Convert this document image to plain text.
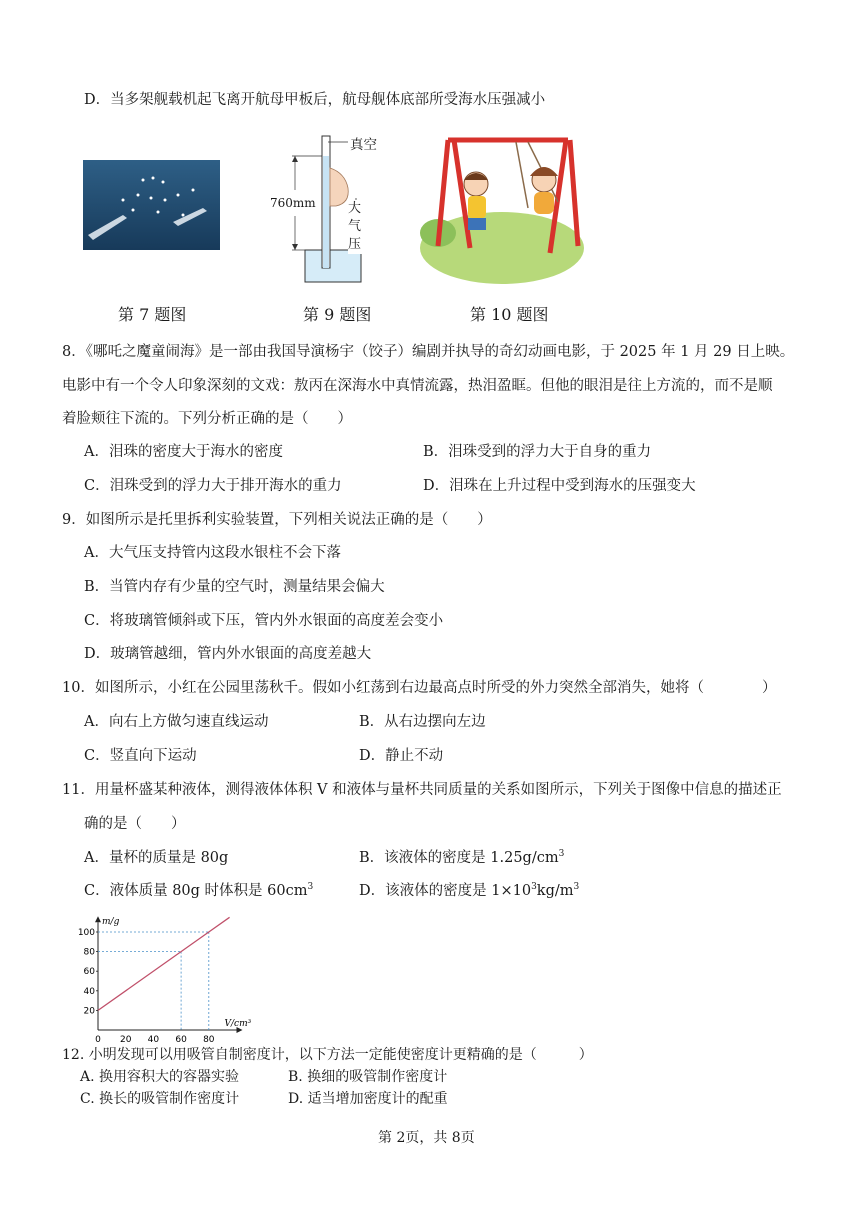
D．当多架舰载机起飞离开航母甲板后，航母舰体底部所受海水压强减小
真空
760mm 大气压
第 7 题图	第 9 题图	第 10 题图
8．《哪吒之魔童闹海》是一部由我国导演杨宇（饺子）编剧并执导的奇幻动画电影，于 2025 年 1 月 29 日上映。
电影中有一个令人印象深刻的文戏：敖丙在深海水中真情流露，热泪盈眶。但他的眼泪是往上方流的，而不是顺
着脸颊往下流的。下列分析正确的是（　　）
A．泪珠的密度大于海水的密度	B．泪珠受到的浮力大于自身的重力
C．泪珠受到的浮力大于排开海水的重力	D．泪珠在上升过程中受到海水的压强变大
9．如图所示是托里拆利实验装置，下列相关说法正确的是（　　）
A．大气压支持管内这段水银柱不会下落
B．当管内存有少量的空气时，测量结果会偏大
C．将玻璃管倾斜或下压，管内外水银面的高度差会变小
D．玻璃管越细，管内外水银面的高度差越大
10．如图所示，小红在公园里荡秋千。假如小红荡到右边最高点时所受的外力突然全部消失，她将（　　　　）
A．向右上方做匀速直线运动	B．从右边摆向左边
C．竖直向下运动	D．静止不动
11．用量杯盛某种液体，测得液体体积 V 和液体与量杯共同质量的关系如图所示，下列关于图像中信息的描述正
确的是（　　）
A．量杯的质量是 80g	B．该液体的密度是 $1.25g/cm^3$
C．液体质量 80g 时体积是 $60cm^3$	D．该液体的密度是 $1\times 10^3kg/m^3$
0 20 40 60 80
20
40
60
80
100
V/cm³
m/g
12. 小明发现可以用吸管自制密度计，以下方法一定能使密度计更精确的是（　　　）
A. 换用容积大的容器实验	B. 换细的吸管制作密度计
C. 换长的吸管制作密度计	D. 适当增加密度计的配重
第 2页，共 8页
